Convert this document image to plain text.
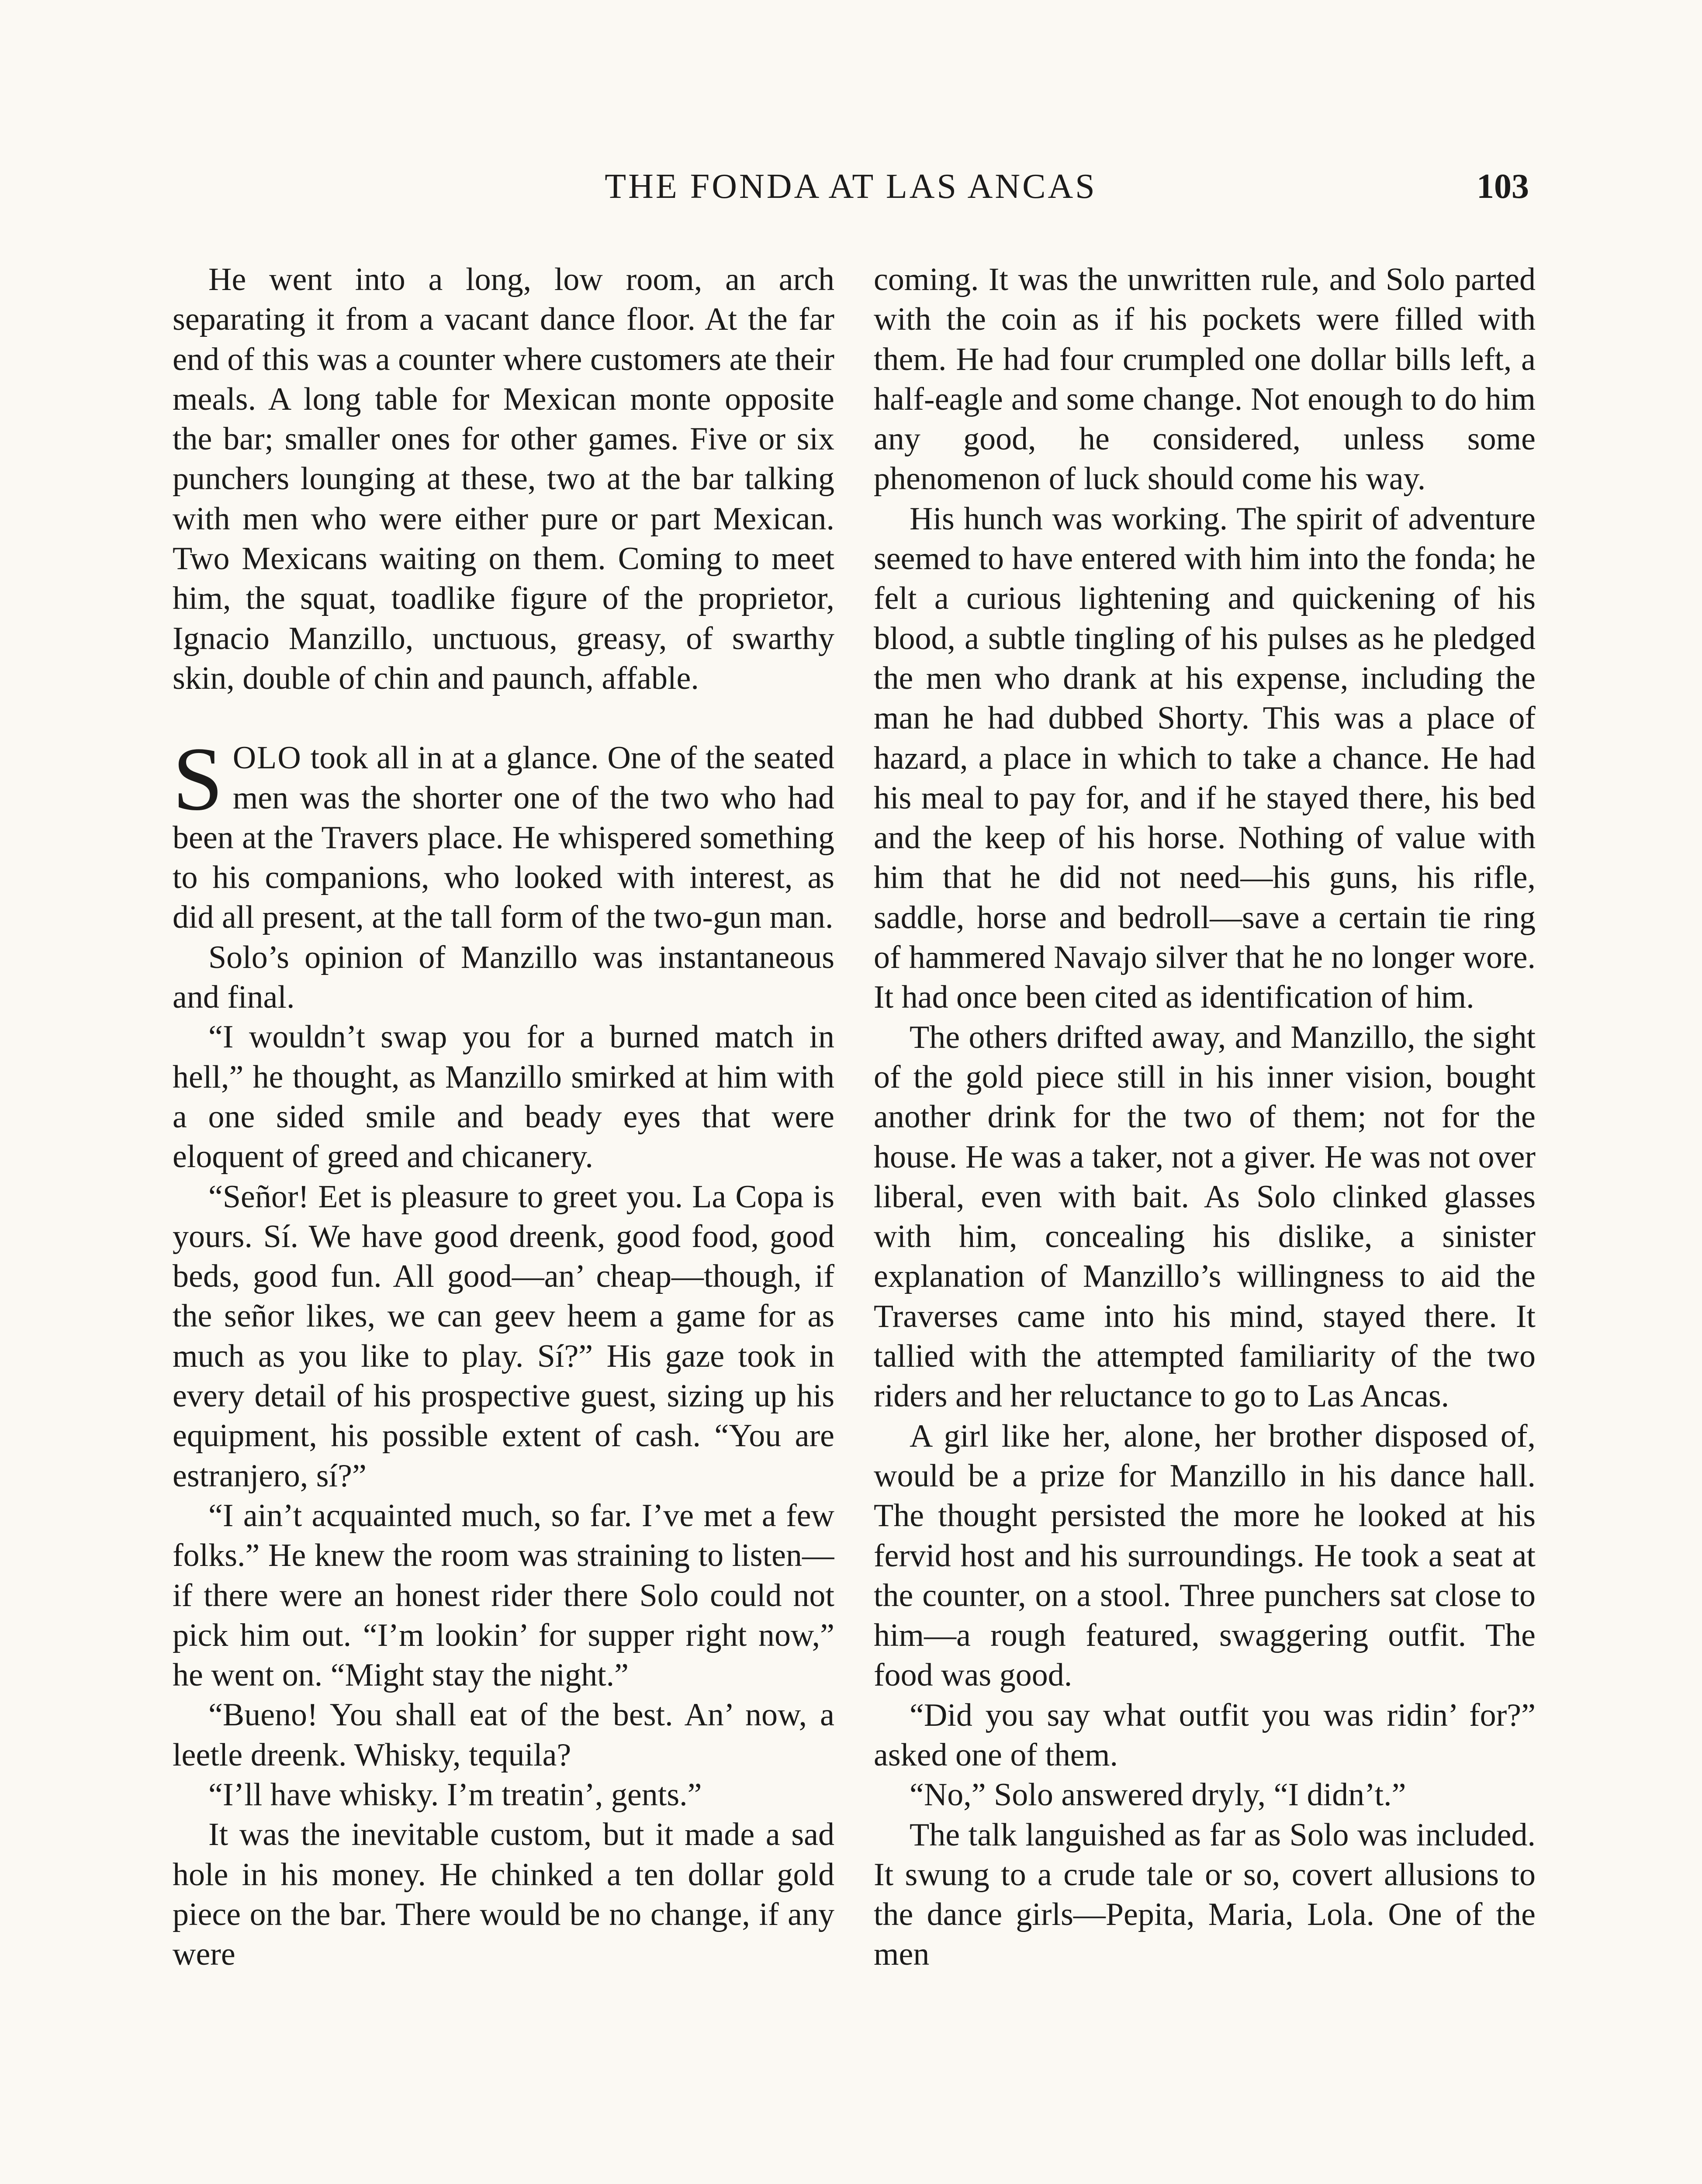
THE FONDA AT LAS ANCAS	103

He went into a long, low room, an arch separating it from a vacant dance floor. At the far end of this was a counter where customers ate their meals. A long table for Mexican monte opposite the bar; smaller ones for other games. Five or six punchers lounging at these, two at the bar talking with men who were either pure or part Mexican. Two Mexicans waiting on them. Coming to meet him, the squat, toadlike figure of the proprietor, Ignacio Manzillo, unctuous, greasy, of swarthy skin, double of chin and paunch, affable.

SOLO took all in at a glance. One of the seated men was the shorter one of the two who had been at the Travers place. He whispered something to his companions, who looked with interest, as did all present, at the tall form of the two-gun man.

Solo’s opinion of Manzillo was instantaneous and final.

“I wouldn’t swap you for a burned match in hell,” he thought, as Manzillo smirked at him with a one sided smile and beady eyes that were eloquent of greed and chicanery.

“Señor! Eet is pleasure to greet you. La Copa is yours. Sí. We have good dreenk, good food, good beds, good fun. All good—an’ cheap—though, if the señor likes, we can geev heem a game for as much as you like to play. Sí?” His gaze took in every detail of his prospective guest, sizing up his equipment, his possible extent of cash. “You are estranjero, sí?”

“I ain’t acquainted much, so far. I’ve met a few folks.” He knew the room was straining to listen—if there were an honest rider there Solo could not pick him out. “I’m lookin’ for supper right now,” he went on. “Might stay the night.”

“Bueno! You shall eat of the best. An’ now, a leetle dreenk. Whisky, tequila?

“I’ll have whisky. I’m treatin’, gents.”

It was the inevitable custom, but it made a sad hole in his money. He chinked a ten dollar gold piece on the bar. There would be no change, if any were

coming. It was the unwritten rule, and Solo parted with the coin as if his pockets were filled with them. He had four crumpled one dollar bills left, a half-eagle and some change. Not enough to do him any good, he considered, unless some phenomenon of luck should come his way.

His hunch was working. The spirit of adventure seemed to have entered with him into the fonda; he felt a curious lightening and quickening of his blood, a subtle tingling of his pulses as he pledged the men who drank at his expense, including the man he had dubbed Shorty. This was a place of hazard, a place in which to take a chance. He had his meal to pay for, and if he stayed there, his bed and the keep of his horse. Nothing of value with him that he did not need—his guns, his rifle, saddle, horse and bedroll—save a certain tie ring of hammered Navajo silver that he no longer wore. It had once been cited as identification of him.

The others drifted away, and Manzillo, the sight of the gold piece still in his inner vision, bought another drink for the two of them; not for the house. He was a taker, not a giver. He was not over liberal, even with bait. As Solo clinked glasses with him, concealing his dislike, a sinister explanation of Manzillo’s willingness to aid the Traverses came into his mind, stayed there. It tallied with the attempted familiarity of the two riders and her reluctance to go to Las Ancas.

A girl like her, alone, her brother disposed of, would be a prize for Manzillo in his dance hall. The thought persisted the more he looked at his fervid host and his surroundings. He took a seat at the counter, on a stool. Three punchers sat close to him—a rough featured, swaggering outfit. The food was good.

“Did you say what outfit you was ridin’ for?” asked one of them.

“No,” Solo answered dryly, “I didn’t.”

The talk languished as far as Solo was included. It swung to a crude tale or so, covert allusions to the dance girls—Pepita, Maria, Lola. One of the men
